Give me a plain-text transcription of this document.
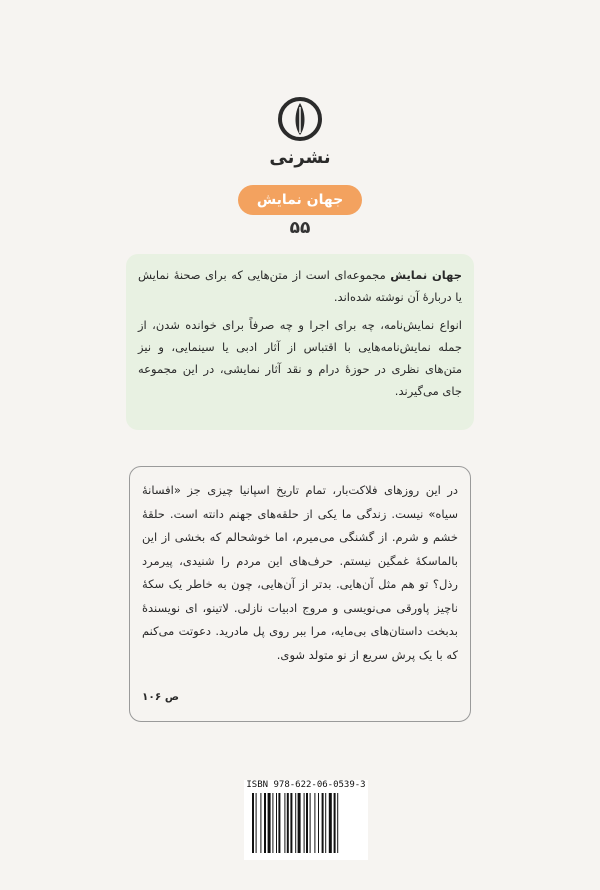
نشرنی
جهان نمایش
۵۵

جهان نمایش مجموعه‌ای است از متن‌هایی که برای صحنهٔ نمایش یا دربارهٔ آن نوشته شده‌اند.

انواع نمایش‌نامه، چه برای اجرا و چه صرفاً برای خوانده شدن، از جمله نمایش‌نامه‌هایی با اقتباس از آثار ادبی یا سینمایی، و نیز متن‌های نظری در حوزهٔ درام و نقد آثار نمایشی، در این مجموعه جای می‌گیرند.

در این روزهای فلاکت‌بار، تمام تاریخ اسپانیا چیزی جز «افسانهٔ سیاه» نیست. زندگی ما یکی از حلقه‌های جهنم دانته است. حلقهٔ خشم و شرم. از گشنگی می‌میرم، اما خوشحالم که بخشی از این بالماسکهٔ غمگین نیستم. حرف‌های این مردم را شنیدی، پیرمرد رذل؟ تو هم مثل آن‌هایی. بدتر از آن‌هایی، چون به خاطر یک سکهٔ ناچیز پاورقی می‌نویسی و مروج ادبیات نازلی. لاتینو، ای نویسندهٔ بدبخت داستان‌های بی‌مایه، مرا ببر روی پل مادرید. دعوتت می‌کنم که با یک پرش سریع از نو متولد شوی.
ص ۱۰۶
ISBN 978-622-06-0539-3
